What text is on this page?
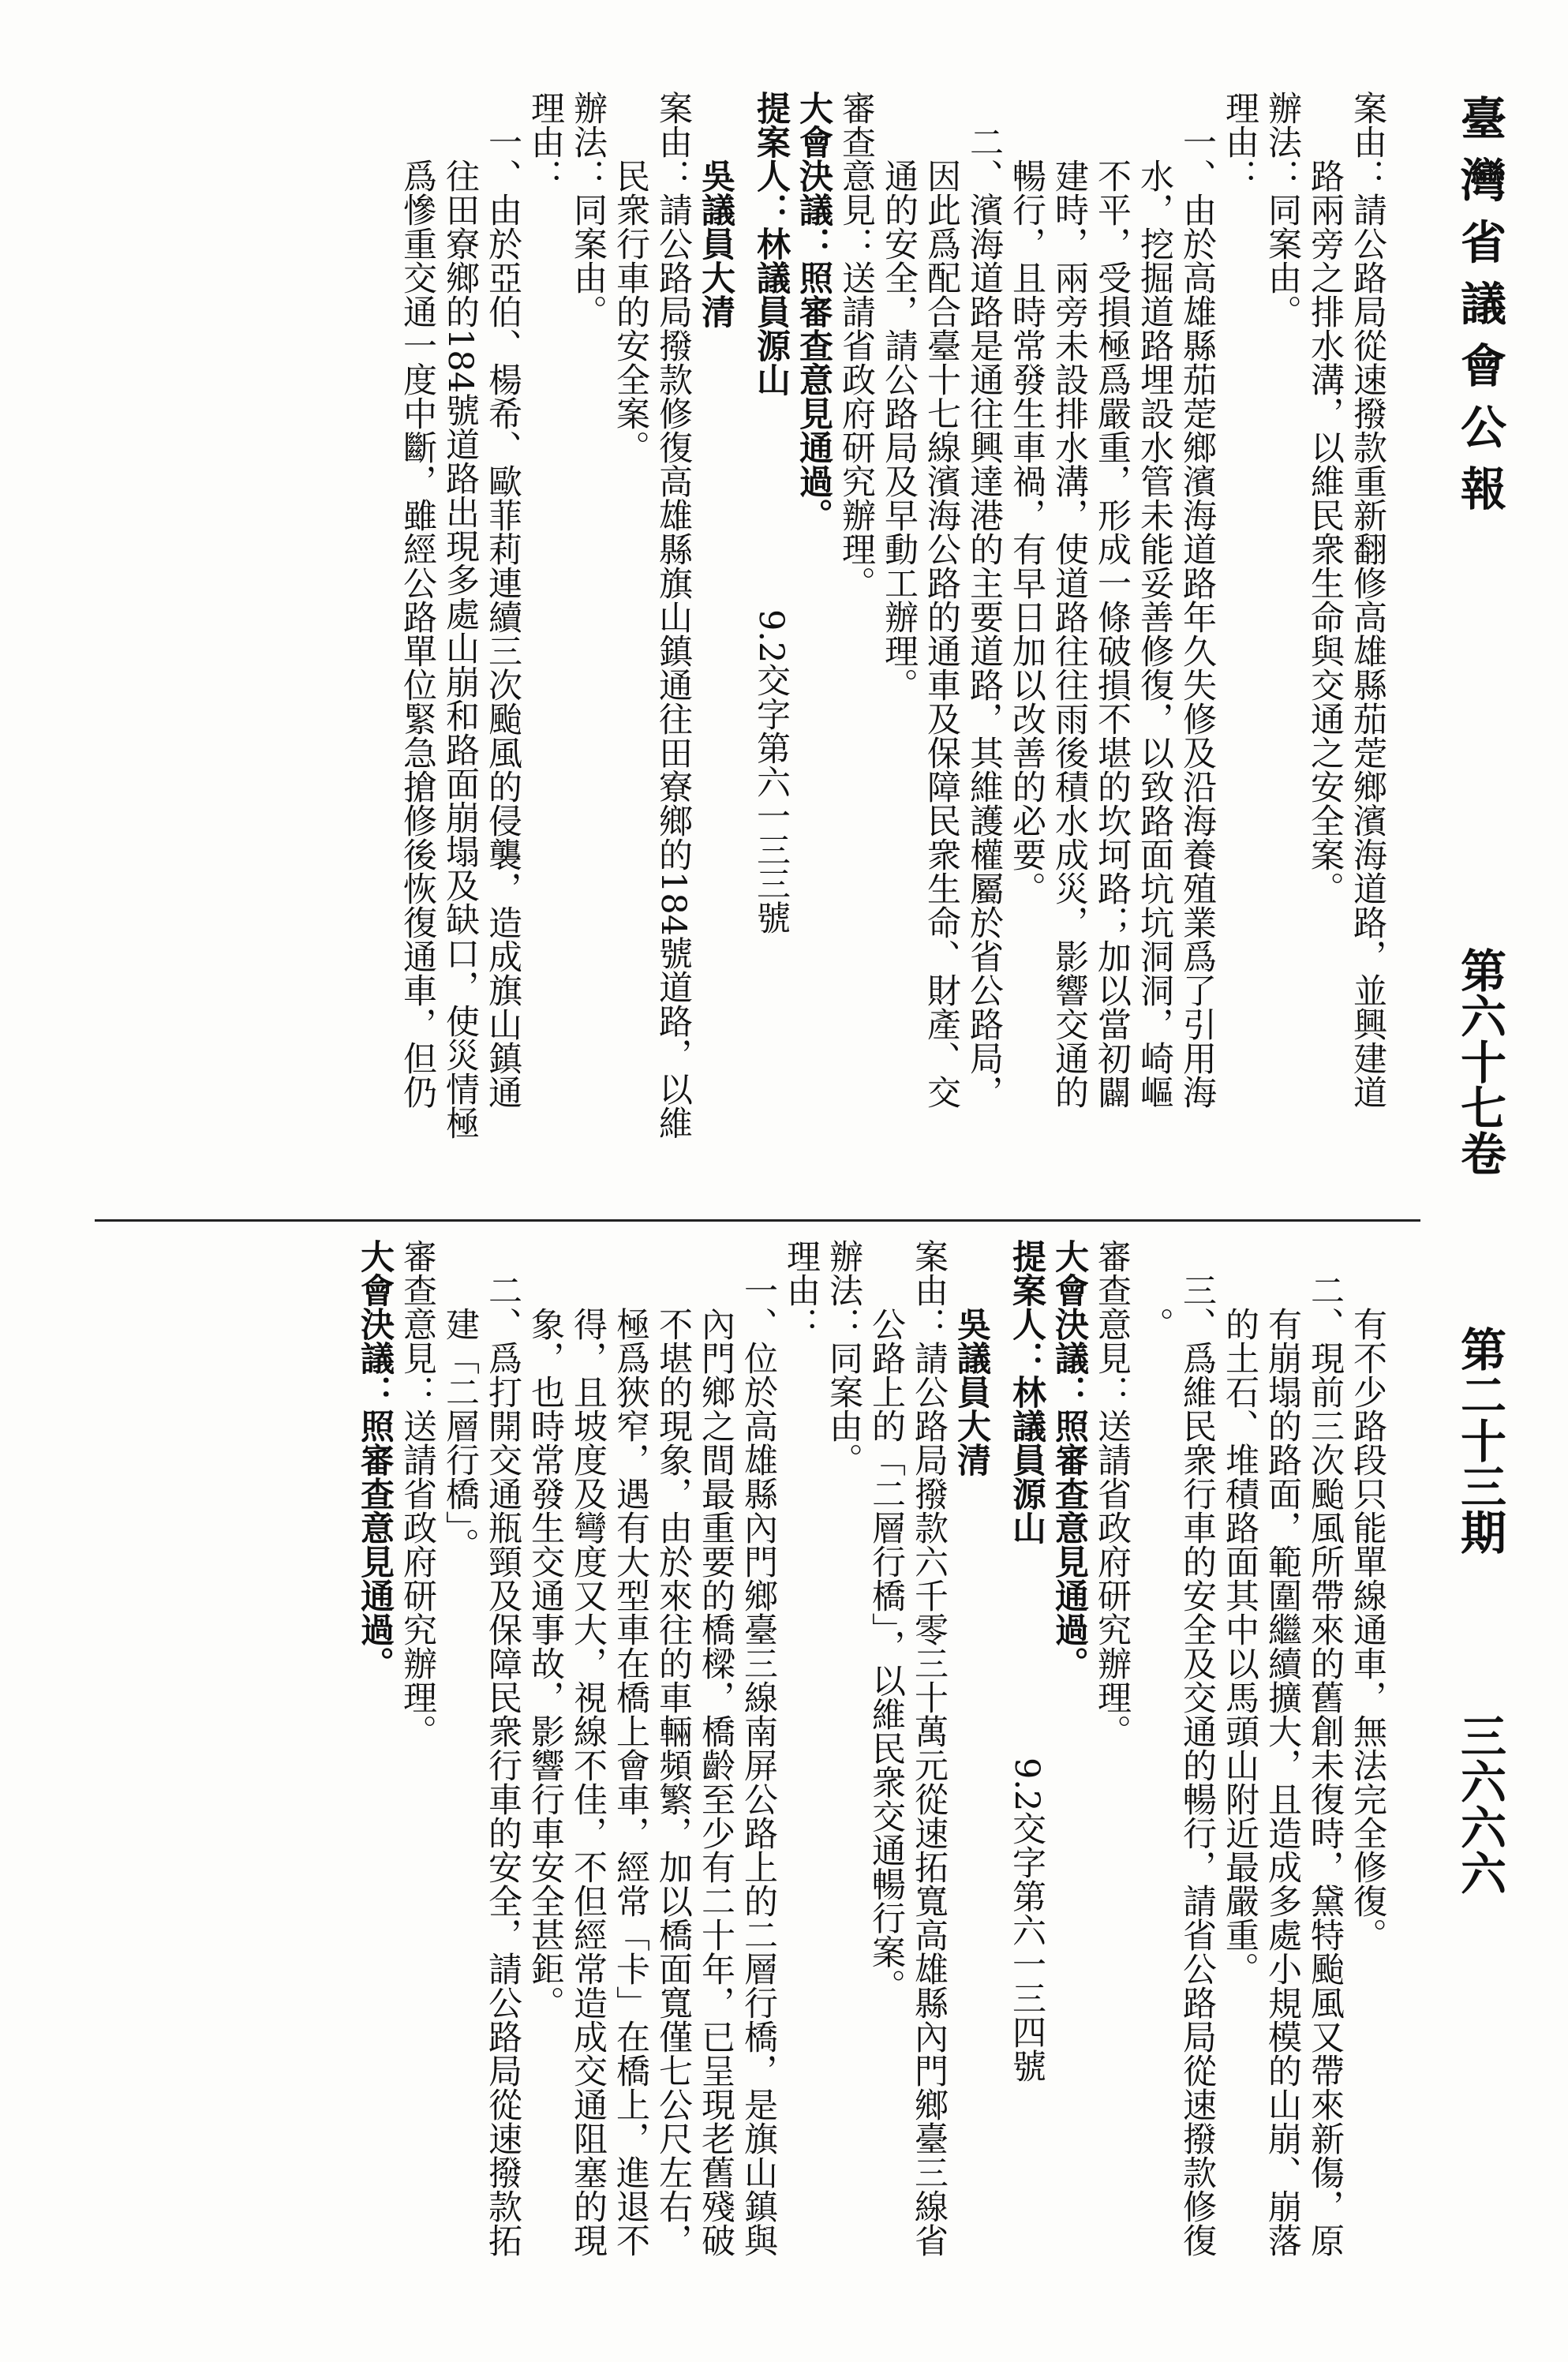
臺 灣 省 議 會 公 報
第六十七卷
第二十三期
三六六六
案由：請公路局從速撥款重新翻修高雄縣茄萣鄉濱海道路，並興建道
路兩旁之排水溝，以維民衆生命與交通之安全案。
辦法：同案由。
理由：
一、由於高雄縣茄萣鄉濱海道路年久失修及沿海養殖業爲了引用海
水，挖掘道路埋設水管未能妥善修復，以致路面坑坑洞洞，崎嶇
不平，受損極爲嚴重，形成一條破損不堪的坎坷路；加以當初闢
建時，兩旁未設排水溝，使道路往往雨後積水成災，影響交通的
暢行，且時常發生車禍，有早日加以改善的必要。
二、濱海道路是通往興達港的主要道路，其維護權屬於省公路局，
因此爲配合臺十七線濱海公路的通車及保障民衆生命、財產、交
通的安全，請公路局及早動工辦理。
審查意見：送請省政府研究辦理。
大會決議：照審查意見通過。
提案人：林議員源山9.2交字第六一三三號
吳議員大清
案由：請公路局撥款修復高雄縣旗山鎮通往田寮鄉的184號道路，以維
民衆行車的安全案。
辦法：同案由。
理由：
一、由於亞伯、楊希、歐菲莉連續三次颱風的侵襲，造成旗山鎮通
往田寮鄉的184號道路出現多處山崩和路面崩塌及缺口，使災情極
爲慘重交通一度中斷，雖經公路單位緊急搶修後恢復通車，但仍
有不少路段只能單線通車，無法完全修復。
二、現前三次颱風所帶來的舊創未復時，黛特颱風又帶來新傷，原
有崩塌的路面，範圍繼續擴大，且造成多處小規模的山崩、崩落
的土石、堆積路面其中以馬頭山附近最嚴重。
三、爲維民衆行車的安全及交通的暢行，請省公路局從速撥款修復
。
審查意見：送請省政府研究辦理。
大會決議：照審查意見通過。
提案人：林議員源山9.2交字第六一三四號
吳議員大清
案由：請公路局撥款六千零三十萬元從速拓寬高雄縣內門鄉臺三線省
公路上的「二層行橋」，以維民衆交通暢行案。
辦法：同案由。
理由：
一、位於高雄縣內門鄉臺三線南屏公路上的二層行橋，是旗山鎮與
內門鄉之間最重要的橋樑，橋齡至少有二十年，已呈現老舊殘破
不堪的現象，由於來往的車輛頻繁，加以橋面寬僅七公尺左右，
極爲狹窄，遇有大型車在橋上會車，經常「卡」在橋上，進退不
得，且坡度及彎度又大，視線不佳，不但經常造成交通阻塞的現
象，也時常發生交通事故，影響行車安全甚鉅。
二、爲打開交通瓶頸及保障民衆行車的安全，請公路局從速撥款拓
建「二層行橋」。
審查意見：送請省政府研究辦理。
大會決議：照審查意見通過。
